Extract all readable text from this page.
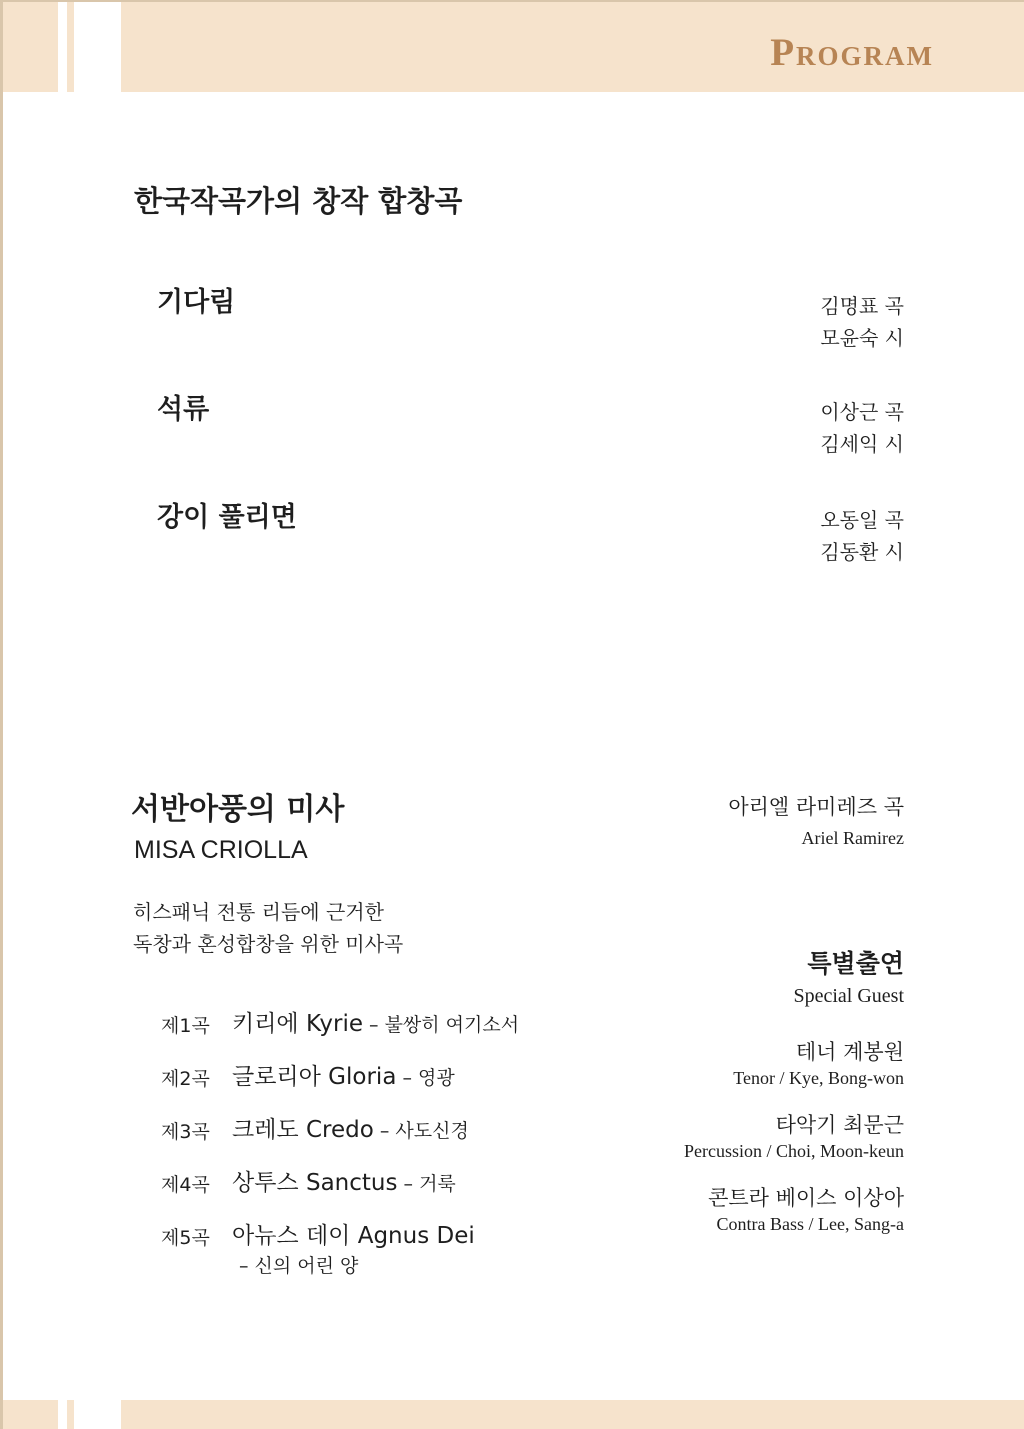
Program
한국작곡가의 창작 합창곡
기다림	김명표 곡
모윤숙 시
석류	이상근 곡
김세익 시
강이 풀리면	오동일 곡
김동환 시
서반아풍의 미사
MISA CRIOLLA
히스패닉 전통 리듬에 근거한
독창과 혼성합창을 위한 미사곡
아리엘 라미레즈 곡
Ariel Ramirez
제1곡 키리에 Kyrie – 불쌍히 여기소서
제2곡 글로리아 Gloria – 영광
제3곡 크레도 Credo – 사도신경
제4곡 상투스 Sanctus – 거룩
제5곡 아뉴스 데이 Agnus Dei
– 신의 어린 양
특별출연
Special Guest
테너 계봉원
Tenor / Kye, Bong-won
타악기 최문근
Percussion / Choi, Moon-keun
콘트라 베이스 이상아
Contra Bass / Lee, Sang-a
